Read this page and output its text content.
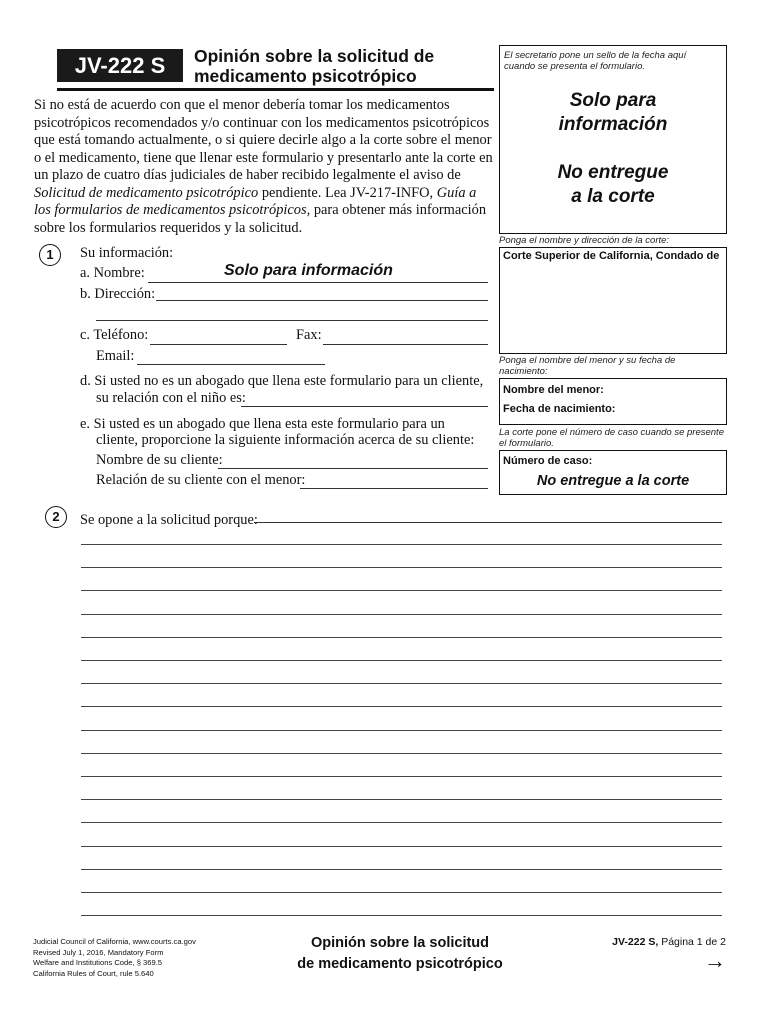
JV-222 S	Opinión sobre la solicitud de
medicamento psicotrópico
Si no está de acuerdo con que el menor debería tomar los medicamentos psicotrópicos recomendados y/o continuar con los medicamentos psicotrópicos que está tomando actualmente, o si quiere decirle algo a la corte sobre el menor o el medicamento, tiene que llenar este formulario y presentarlo ante la corte en un plazo de cuatro días judiciales de haber recibido legalmente el aviso de Solicitud de medicamento psicotrópico pendiente. Lea JV-217-INFO, Guía a los formularios de medicamentos psicotrópicos, para obtener más información sobre los formularios requeridos y la solicitud.
1	Su información:
a. Nombre:	Solo para información
b. Dirección:
c. Teléfono:	Fax:
Email:
d. Si usted no es un abogado que llena este formulario para un cliente,
su relación con el niño es:
e. Si usted es un abogado que llena esta este formulario para un
cliente, proporcione la siguiente información acerca de su cliente:
Nombre de su cliente:
Relación de su cliente con el menor:
El secretario pone un sello de la fecha aquí cuando se presenta el formulario.
Solo para
información
No entregue
a la corte
Ponga el nombre y dirección de la corte:
Corte Superior de California, Condado de
Ponga el nombre del menor y su fecha de nacimiento:
Nombre del menor:
Fecha de nacimiento:
La corte pone el número de caso cuando se presente el formulario.
Número de caso:
No entregue a la corte
2	Se opone a la solicitud porque:
Judicial Council of California, www.courts.ca.gov
Revised July 1, 2016, Mandatory Form
Welfare and Institutions Code, § 369.5
California Rules of Court, rule 5.640
Opinión sobre la solicitud
de medicamento psicotrópico
JV-222 S, Página 1 de 2
→
